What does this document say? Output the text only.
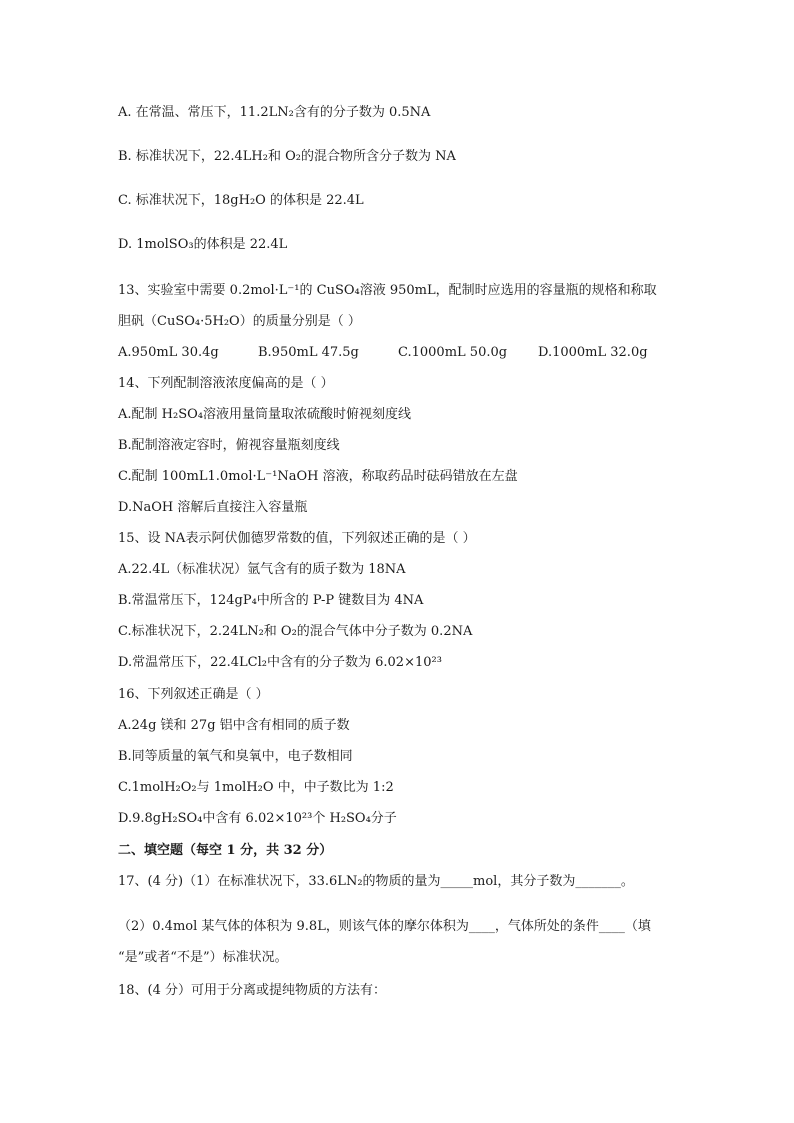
A. 在常温、常压下，11.2LN₂含有的分子数为 0.5NA
B. 标准状况下，22.4LH₂和 O₂的混合物所含分子数为 NA
C. 标准状况下，18gH₂O 的体积是 22.4L
D. 1molSO₃的体积是 22.4L
13、实验室中需要 0.2mol·L⁻¹的 CuSO₄溶液 950mL，配制时应选用的容量瓶的规格和称取
胆矾（CuSO₄·5H₂O）的质量分别是（ ）
A.950mL 30.4g	B.950mL 47.5g	C.1000mL 50.0g D.1000mL 32.0g
14、下列配制溶液浓度偏高的是（ ）
A.配制 H₂SO₄溶液用量筒量取浓硫酸时俯视刻度线
B.配制溶液定容时，俯视容量瓶刻度线
C.配制 100mL1.0mol·L⁻¹NaOH 溶液，称取药品时砝码错放在左盘
D.NaOH 溶解后直接注入容量瓶
15、设 NA表示阿伏伽德罗常数的值，下列叙述正确的是（ ）
A.22.4L（标准状况）氩气含有的质子数为 18NA
B.常温常压下，124gP₄中所含的 P-P 键数目为 4NA
C.标准状况下，2.24LN₂和 O₂的混合气体中分子数为 0.2NA
D.常温常压下，22.4LCl₂中含有的分子数为 6.02×10²³
16、下列叙述正确是（ ）
A.24g 镁和 27g 铝中含有相同的质子数
B.同等质量的氧气和臭氧中，电子数相同
C.1molH₂O₂与 1molH₂O 中，中子数比为 1:2
D.9.8gH₂SO₄中含有 6.02×10²³个 H₂SO₄分子
二、填空题（每空 1 分，共 32 分）
17、(4 分)（1）在标准状况下，33.6LN₂的物质的量为_____mol，其分子数为_______。
（2）0.4mol 某气体的体积为 9.8L，则该气体的摩尔体积为____，气体所处的条件____（填
“是”或者“不是”）标准状况。
18、(4 分）可用于分离或提纯物质的方法有：
